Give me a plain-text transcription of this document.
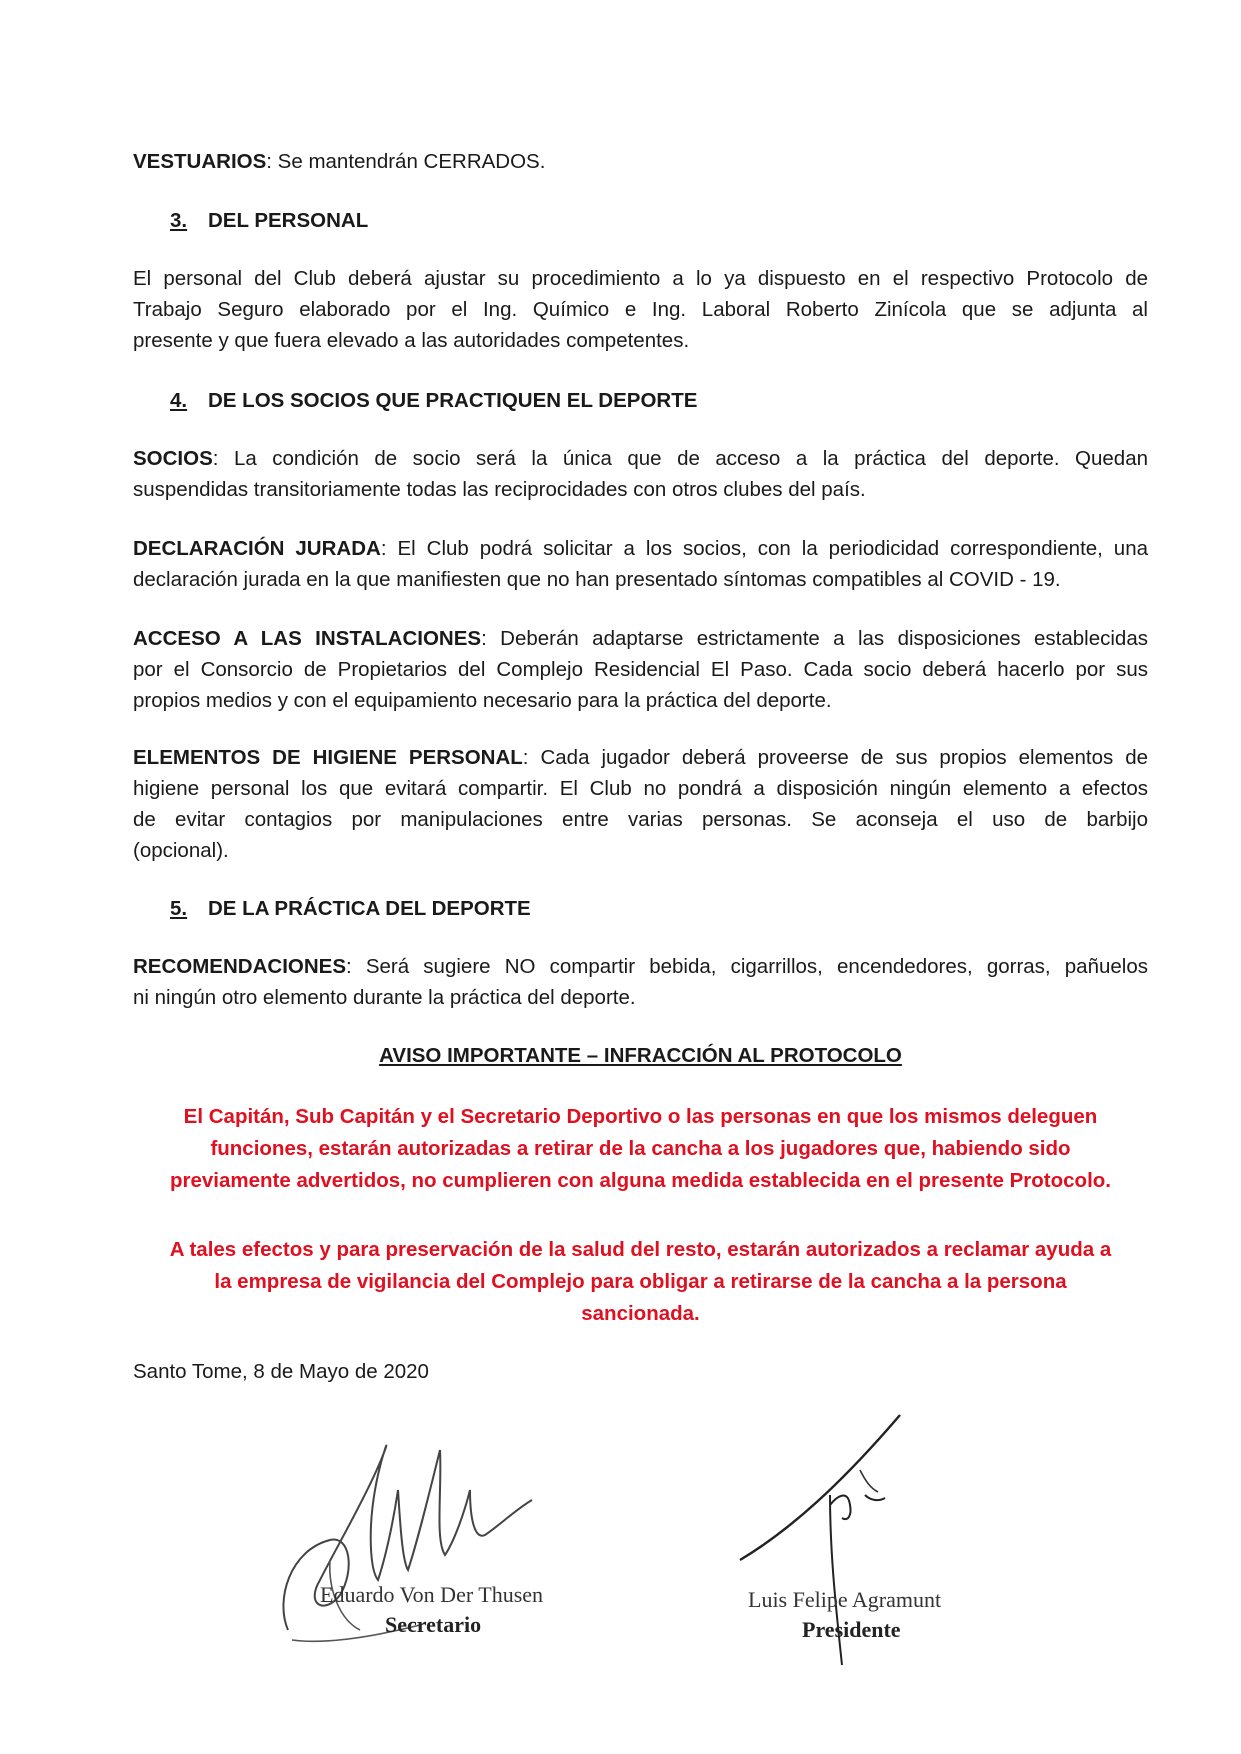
VESTUARIOS: Se mantendrán CERRADOS.

3. DEL PERSONAL

El personal del Club deberá ajustar su procedimiento a lo ya dispuesto en el respectivo Protocolo de
Trabajo Seguro elaborado por el Ing. Químico e Ing. Laboral Roberto Zinícola que se adjunta al
presente y que fuera elevado a las autoridades competentes.

4. DE LOS SOCIOS QUE PRACTIQUEN EL DEPORTE

SOCIOS: La condición de socio será la única que de acceso a la práctica del deporte. Quedan
suspendidas transitoriamente todas las reciprocidades con otros clubes del país.

DECLARACIÓN JURADA: El Club podrá solicitar a los socios, con la periodicidad correspondiente, una
declaración jurada en la que manifiesten que no han presentado síntomas compatibles al COVID - 19.

ACCESO A LAS INSTALACIONES: Deberán adaptarse estrictamente a las disposiciones establecidas
por el Consorcio de Propietarios del Complejo Residencial El Paso. Cada socio deberá hacerlo por sus
propios medios y con el equipamiento necesario para la práctica del deporte.

ELEMENTOS DE HIGIENE PERSONAL: Cada jugador deberá proveerse de sus propios elementos de
higiene personal los que evitará compartir. El Club no pondrá a disposición ningún elemento a efectos
de evitar contagios por manipulaciones entre varias personas. Se aconseja el uso de barbijo
(opcional).

5. DE LA PRÁCTICA DEL DEPORTE

RECOMENDACIONES: Será sugiere NO compartir bebida, cigarrillos, encendedores, gorras, pañuelos
ni ningún otro elemento durante la práctica del deporte.

AVISO IMPORTANTE – INFRACCIÓN AL PROTOCOLO

El Capitán, Sub Capitán y el Secretario Deportivo o las personas en que los mismos deleguen
funciones, estarán autorizadas a retirar de la cancha a los jugadores que, habiendo sido
previamente advertidos, no cumplieren con alguna medida establecida en el presente Protocolo.

A tales efectos y para preservación de la salud del resto, estarán autorizados a reclamar ayuda a
la empresa de vigilancia del Complejo para obligar a retirarse de la cancha a la persona
sancionada.

Santo Tome, 8 de Mayo de 2020

Eduardo Von Der Thusen
Secretario
Luis Felipe Agramunt
Presidente
